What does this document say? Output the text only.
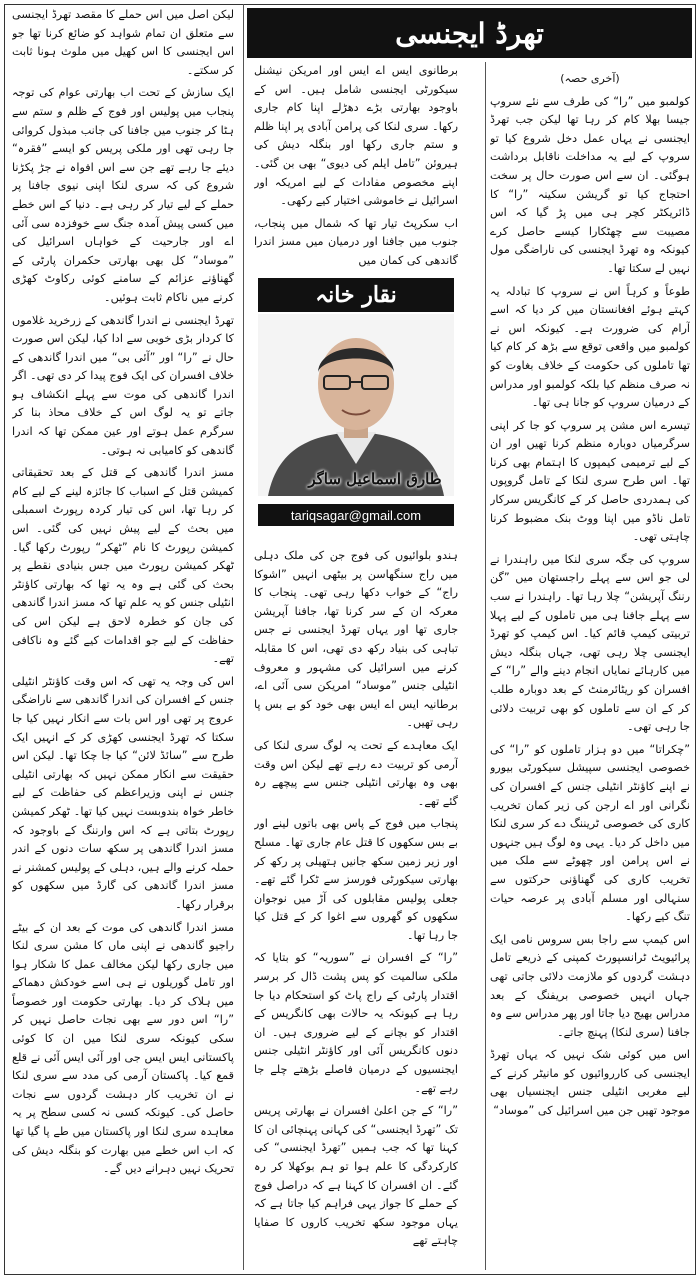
تھرڈ ایجنسی

(آخری حصہ)

کولمبو میں ”را“ کی طرف سے نئے سروپ جیسا بھلا کام کر رہا تھا لیکن جب تھرڈ ایجنسی نے یہاں عمل دخل شروع کیا تو سروپ کے لیے یہ مداخلت ناقابل برداشت ہوگئی۔ ان سے اس صورت حال پر سخت احتجاج کیا تو گریشن سکینہ ”را“ کا ڈائریکٹر کچر ہی میں پڑ گیا کہ اس مصیبت سے چھٹکارا کیسے حاصل کرے کیونکہ وہ تھرڈ ایجنسی کی ناراضگی مول نہیں لے سکتا تھا۔

طوعاً و کرہاً اس نے سروپ کا تبادلہ یہ کہتے ہوئے افغانستان میں کر دیا کہ اسے آرام کی ضرورت ہے۔ کیونکہ اس نے کولمبو میں واقعی توقع سے بڑھ کر کام کیا تھا تاملوں کی حکومت کے خلاف بغاوت کو نہ صرف منظم کیا بلکہ کولمبو اور مدراس کے درمیان سروپ کو جانا ہی تھا۔

تیسرے اس مشن پر سروپ کو جا کر اپنی سرگرمیاں دوبارہ منظم کرنا تھیں اور ان کے لیے ترمیمی کیمپوں کا اہتمام بھی کرنا تھا۔ اس طرح سری لنکا کے تامل گروپوں کی ہمدردی حاصل کر کے کانگریس سرکار تامل ناڈو میں اپنا ووٹ بنک مضبوط کرنا چاہتی تھی۔

سروپ کی جگہ سری لنکا میں راہندرا نے لی جو اس سے پہلے راجستھان میں ”گن رننگ آپریشن“ چلا رہا تھا۔ راہندرا نے سب سے پہلے جافنا ہی میں تاملوں کے لیے پہلا تربیتی کیمپ قائم کیا۔ اس کیمپ کو تھرڈ ایجنسی چلا رہی تھی، جہاں بنگلہ دیش میں کارہائے نمایاں انجام دینے والے ”را“ کے افسران کو ریٹائرمنٹ کے بعد دوبارہ طلب کر کے ان سے تاملوں کو بھی تربیت دلائی جا رہی تھی۔

”چکراتا“ میں دو ہزار تاملوں کو ”را“ کی خصوصی ایجنسی سپیشل سیکورٹی بیورو نے اپنے کاؤنٹر انٹیلی جنس کے افسران کی نگرانی اور اے ارجن کی زیر کمان تخریب کاری کی خصوصی ٹریننگ دے کر سری لنکا میں داخل کر دیا۔ یہی وہ لوگ ہیں جنہوں نے اس پرامن اور چھوٹے سے ملک میں تخریب کاری کی گھناؤنی حرکتوں سے سنہالی اور مسلم آبادی پر عرصہ حیات تنگ کیے رکھا۔

اس کیمپ سے راجا بس سروس نامی ایک پرائیویٹ ٹرانسپورٹ کمپنی کے ذریعے تامل دہشت گردوں کو ملازمت دلائی جاتی تھی جہاں انہیں خصوصی بریفنگ کے بعد مدراس بھیج دیا جاتا اور پھر مدراس سے وہ جافنا (سری لنکا) پہنچ جاتے۔

اس میں کوئی شک نہیں کہ یہاں تھرڈ ایجنسی کی کارروائیوں کو مانیٹر کرنے کے لیے مغربی انٹیلی جنس ایجنسیاں بھی موجود تھیں جن میں اسرائیل کی ”موساد“

برطانوی ایس اے ایس اور امریکن نیشنل سیکورٹی ایجنسی شامل ہیں۔ اس کے باوجود بھارتی بڑے دھڑلے اپنا کام جاری رکھا۔ سری لنکا کی پرامن آبادی پر اپنا ظلم و ستم جاری رکھا اور بنگلہ دیش کی ہیروئن ”تامل ایلم کی دیوی“ بھی بن گئی۔ اپنے مخصوص مفادات کے لیے امریکہ اور اسرائیل نے خاموشی اختیار کیے رکھی۔

اب سکرپٹ تیار تھا کہ شمال میں پنجاب، جنوب میں جافنا اور درمیان میں مسز اندرا گاندھی کی کمان میں

ہندو بلوائیوں کی فوج جن کی ملک دہلی میں راج سنگھاسن پر بیٹھی انہیں ”اشوکا راج“ کے خواب دکھا رہی تھی۔ پنجاب کا معرکہ ان کے سر کرنا تھا، جافنا آپریشن جاری تھا اور یہاں تھرڈ ایجنسی نے جس تباہی کی بنیاد رکھ دی تھی، اس کا مقابلہ کرنے میں اسرائیل کی مشہور و معروف انٹیلی جنس ”موساد“ امریکن سی آئی اے، برطانیہ ایس اے ایس بھی خود کو بے بس پا رہی تھیں۔

ایک معاہدے کے تحت یہ لوگ سری لنکا کی آرمی کو تربیت دے رہے تھے لیکن اس وقت بھی وہ بھارتی انٹیلی جنس سے پیچھے رہ گئے تھے۔

پنجاب میں فوج کے پاس بھی باتوں لینے اور بے بس سکھوں کا قتل عام جاری تھا۔ مسلح اور زیر زمین سکھ جانیں ہتھیلی پر رکھ کر بھارتی سیکورٹی فورسز سے ٹکرا گئے تھے۔ جعلی پولیس مقابلوں کی آڑ میں نوجوان سکھوں کو گھروں سے اغوا کر کے قتل کیا جا رہا تھا۔

”را“ کے افسران نے ”سوریہ“ کو بتایا کہ ملکی سالمیت کو پس پشت ڈال کر برسر اقتدار پارٹی کے راج پاٹ کو استحکام دیا جا رہا ہے کیونکہ یہ حالات بھی کانگریس کے اقتدار کو بچانے کے لیے ضروری ہیں۔ ان دنوں کانگریس آئی اور کاؤنٹر انٹیلی جنس ایجنسیوں کے درمیان فاصلے بڑھتے چلے جا رہے تھے۔

”را“ کے جن اعلیٰ افسران نے بھارتی پریس تک ”تھرڈ ایجنسی“ کی کہانی پہنچائی ان کا کہنا تھا کہ جب ہمیں ”تھرڈ ایجنسی“ کی کارکردگی کا علم ہوا تو ہم بوکھلا کر رہ گئے۔ ان افسران کا کہنا ہے کہ دراصل فوج کے حملے کا جواز یہی فراہم کیا جاتا ہے کہ یہاں موجود سکھ تخریب کاروں کا صفایا چاہتے تھے

نقار خانہ
طارق اسماعیل ساگر
tariqsagar@gmail.com

لیکن اصل میں اس حملے کا مقصد تھرڈ ایجنسی سے متعلق ان تمام شواہد کو ضائع کرنا تھا جو اس ایجنسی کا اس کھیل میں ملوث ہونا ثابت کر سکتے۔

ایک سازش کے تحت اب بھارتی عوام کی توجہ پنجاب میں پولیس اور فوج کے ظلم و ستم سے ہٹا کر جنوب میں جافنا کی جانب مبذول کروائی جا رہی تھی اور ملکی پریس کو ایسے ”فقرہ“ دیئے جا رہے تھے جن سے اس افواہ نے جڑ پکڑنا شروع کی کہ سری لنکا اپنی نیوی جافنا پر حملے کے لیے تیار کر رہی ہے۔ دنیا کے اس خطے میں کسی پیش آمدہ جنگ سے خوفزدہ سی آئی اے اور جارحیت کے خواہاں اسرائیل کی ”موساد“ کل بھی بھارتی حکمران پارٹی کے گھناؤنے عزائم کے سامنے کوئی رکاوٹ کھڑی کرنے میں ناکام ثابت ہوئیں۔

تھرڈ ایجنسی نے اندرا گاندھی کے زرخرید غلاموں کا کردار بڑی خوبی سے ادا کیا، لیکن اس صورت حال نے ”را“ اور ”آئی بی“ میں اندرا گاندھی کے خلاف افسران کی ایک فوج پیدا کر دی تھی۔ اگر اندرا گاندھی کی موت سے پہلے انکشاف ہو جاتے تو یہ لوگ اس کے خلاف محاذ بنا کر سرگرم عمل ہوتے اور عین ممکن تھا کہ اندرا گاندھی کو کامیابی نہ ہوتی۔

مسز اندرا گاندھی کے قتل کے بعد تحقیقاتی کمیشن قتل کے اسباب کا جائزہ لینے کے لیے کام کر رہا تھا، اس کی تیار کردہ رپورٹ اسمبلی میں بحث کے لیے پیش نہیں کی گئی۔ اس کمیشن رپورٹ کا نام ”ٹھکر“ رپورٹ رکھا گیا۔ ٹھکر کمیشن رپورٹ میں جس بنیادی نقطے پر بحث کی گئی ہے وہ یہ تھا کہ بھارتی کاؤنٹر انٹیلی جنس کو یہ علم تھا کہ مسز اندرا گاندھی کی جان کو خطرہ لاحق ہے لیکن اس کی حفاظت کے لیے جو اقدامات کیے گئے وہ ناکافی تھے۔

اس کی وجہ یہ تھی کہ اس وقت کاؤنٹر انٹیلی جنس کے افسران کی اندرا گاندھی سے ناراضگی عروج پر تھی اور اس بات سے انکار نہیں کیا جا سکتا کہ تھرڈ ایجنسی کھڑی کر کے انہیں ایک طرح سے ”سائڈ لائن“ کیا جا چکا تھا۔ لیکن اس حقیقت سے انکار ممکن نہیں کہ بھارتی انٹیلی جنس نے اپنی وزیراعظم کی حفاظت کے لیے خاطر خواہ بندوبست نہیں کیا تھا۔ ٹھکر کمیشن رپورٹ بتاتی ہے کہ اس وارننگ کے باوجود کہ مسز اندرا گاندھی پر سکھ سات دنوں کے اندر حملہ کرنے والے ہیں، دہلی کے پولیس کمشنر نے مسز اندرا گاندھی کی گارڈ میں سکھوں کو برقرار رکھا۔

مسز اندرا گاندھی کی موت کے بعد ان کے بیٹے راجیو گاندھی نے اپنی ماں کا مشن سری لنکا میں جاری رکھا لیکن مخالف عمل کا شکار ہوا اور تامل گوریلوں نے ہی اسے خودکش دھماکے میں ہلاک کر دیا۔ بھارتی حکومت اور خصوصاً ”را“ اس دور سے بھی نجات حاصل نہیں کر سکی کیونکہ سری لنکا میں ان کا کوئی پاکستانی ایس ایس جی اور آئی ایس آئی نے قلع قمع کیا۔ پاکستان آرمی کی مدد سے سری لنکا نے ان تخریب کار دہشت گردوں سے نجات حاصل کی۔ کیونکہ کسی نہ کسی سطح پر یہ معاہدہ سری لنکا اور پاکستان میں طے پا گیا تھا کہ اب اس خطے میں بھارت کو بنگلہ دیش کی تحریک نہیں دہرانے دیں گے۔
